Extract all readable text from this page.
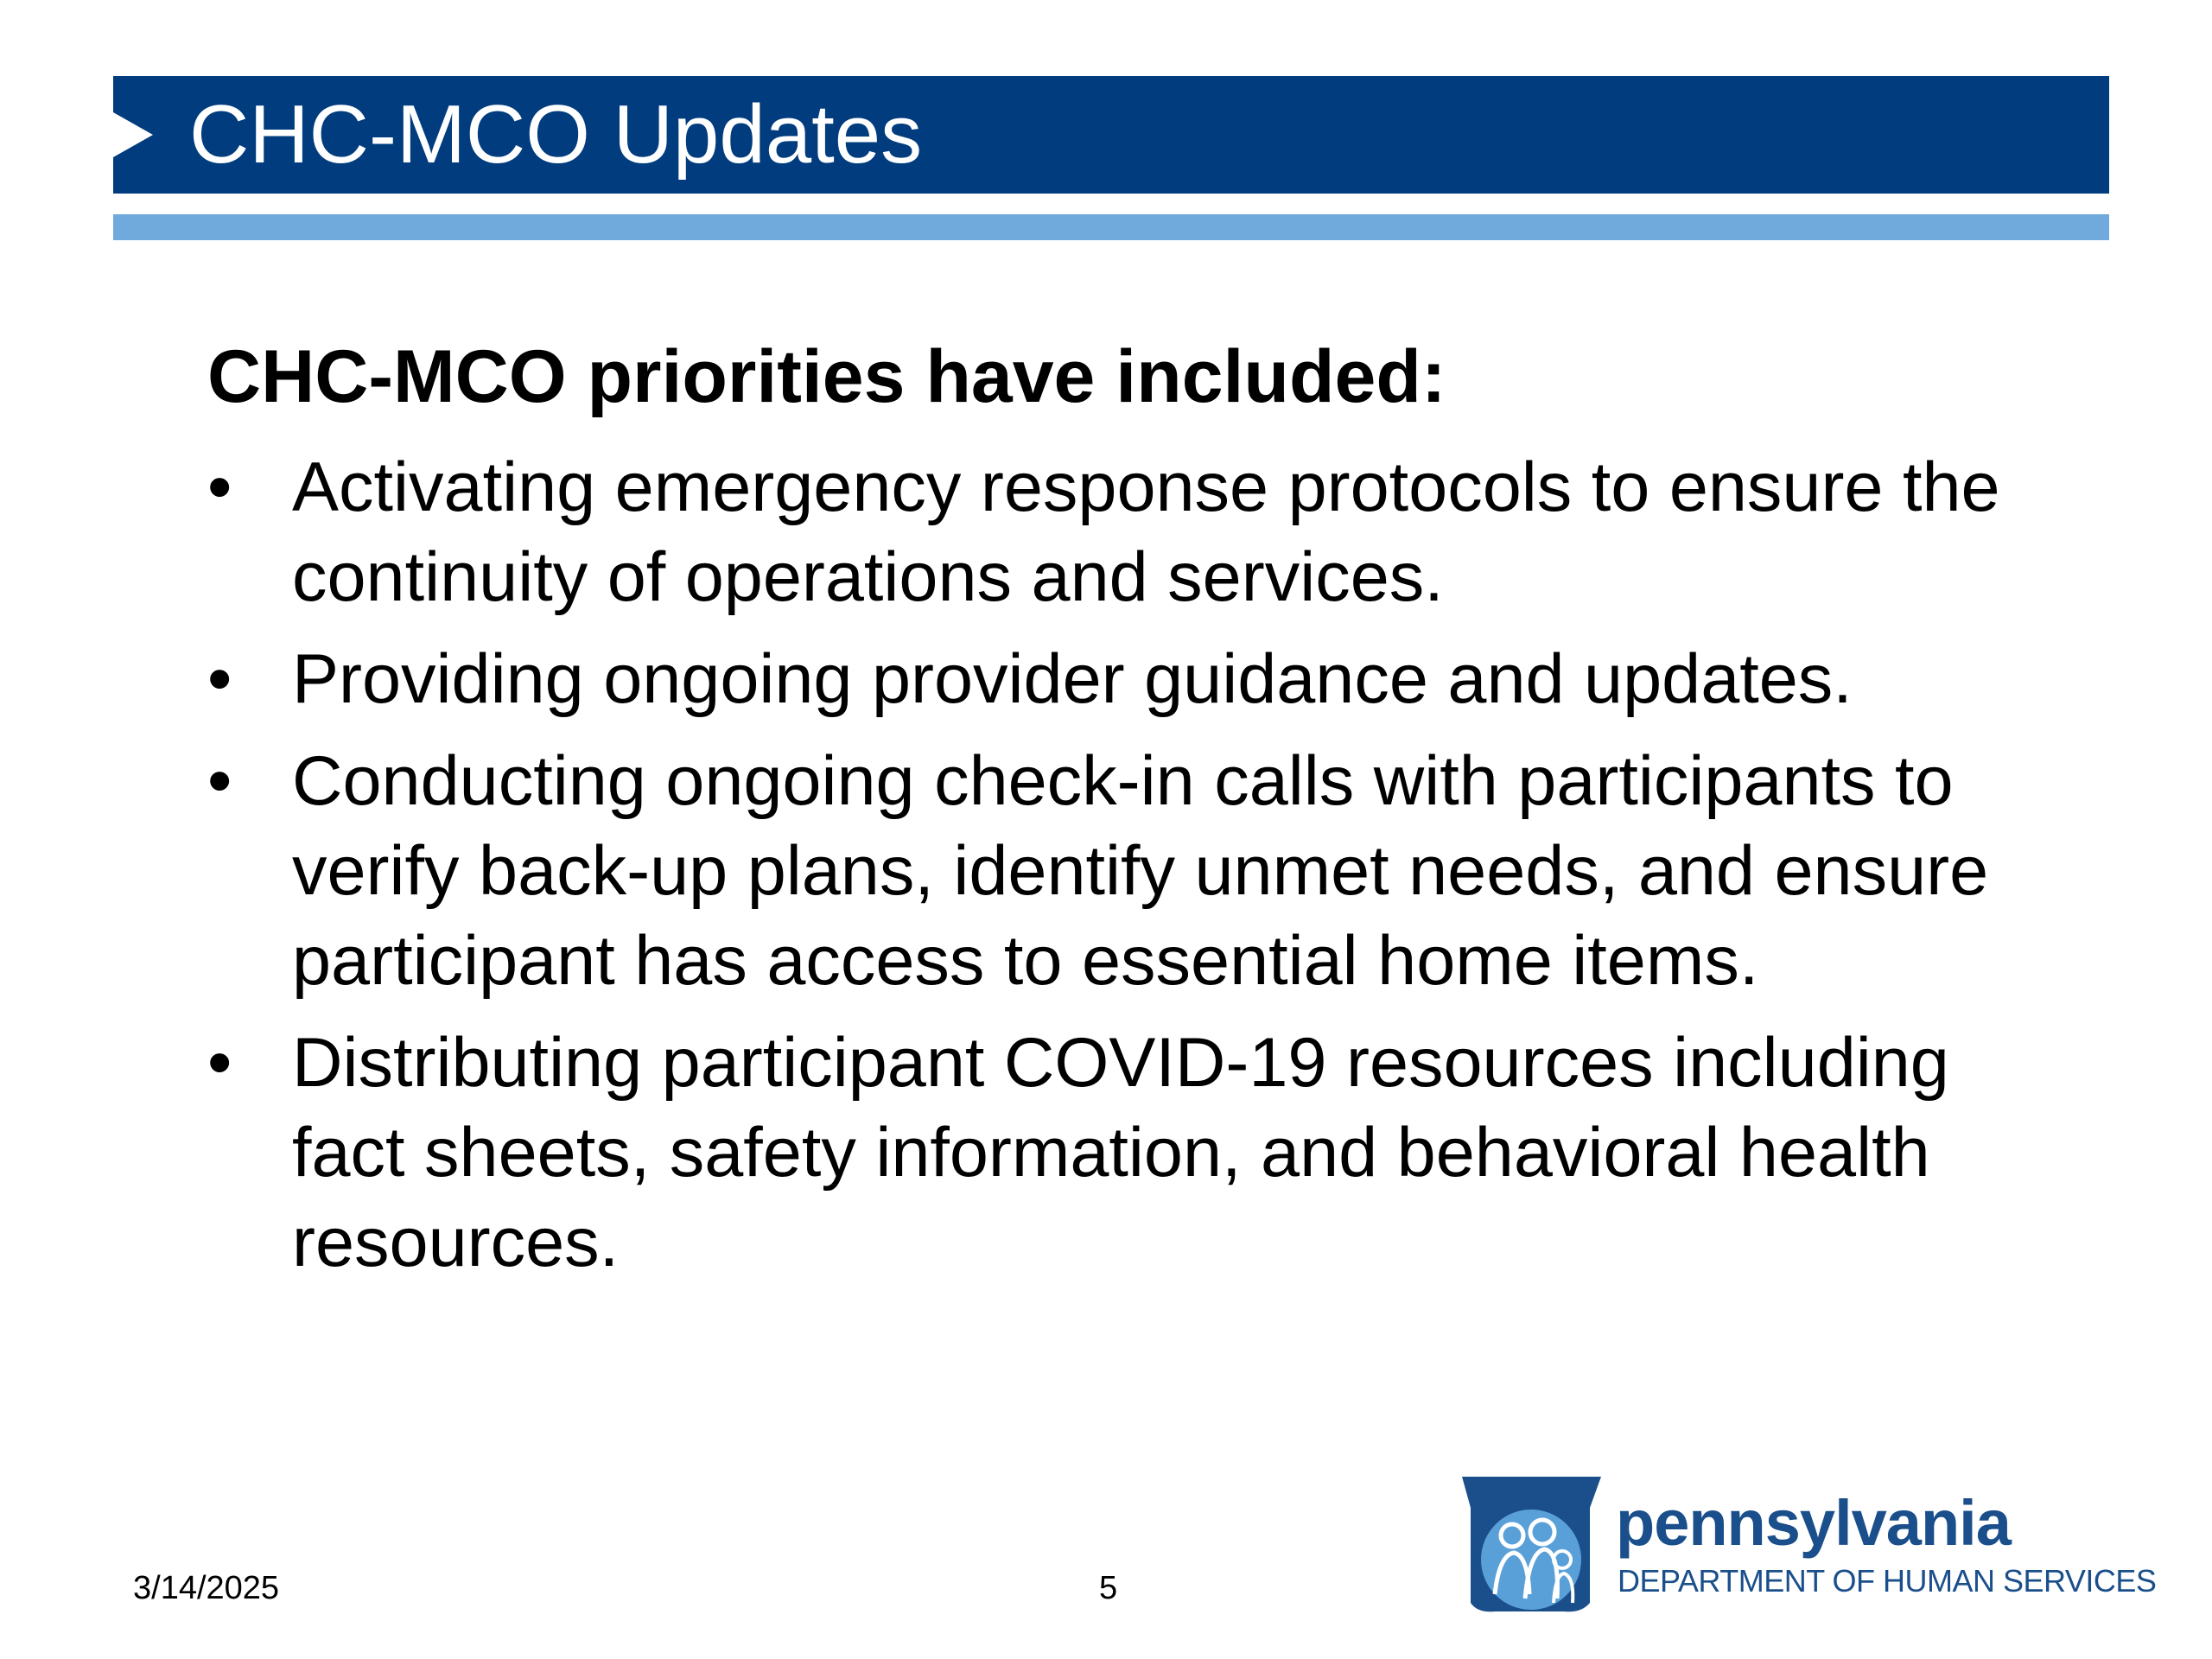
CHC-MCO Updates
CHC-MCO priorities have included:
• Activating emergency response protocols to ensure the continuity of operations and services.
• Providing ongoing provider guidance and updates.
• Conducting ongoing check-in calls with participants to verify back-up plans, identify unmet needs, and ensure participant has access to essential home items.
• Distributing participant COVID-19 resources including fact sheets, safety information, and behavioral health resources.
3/14/2025	5
pennsylvania
DEPARTMENT OF HUMAN SERVICES
